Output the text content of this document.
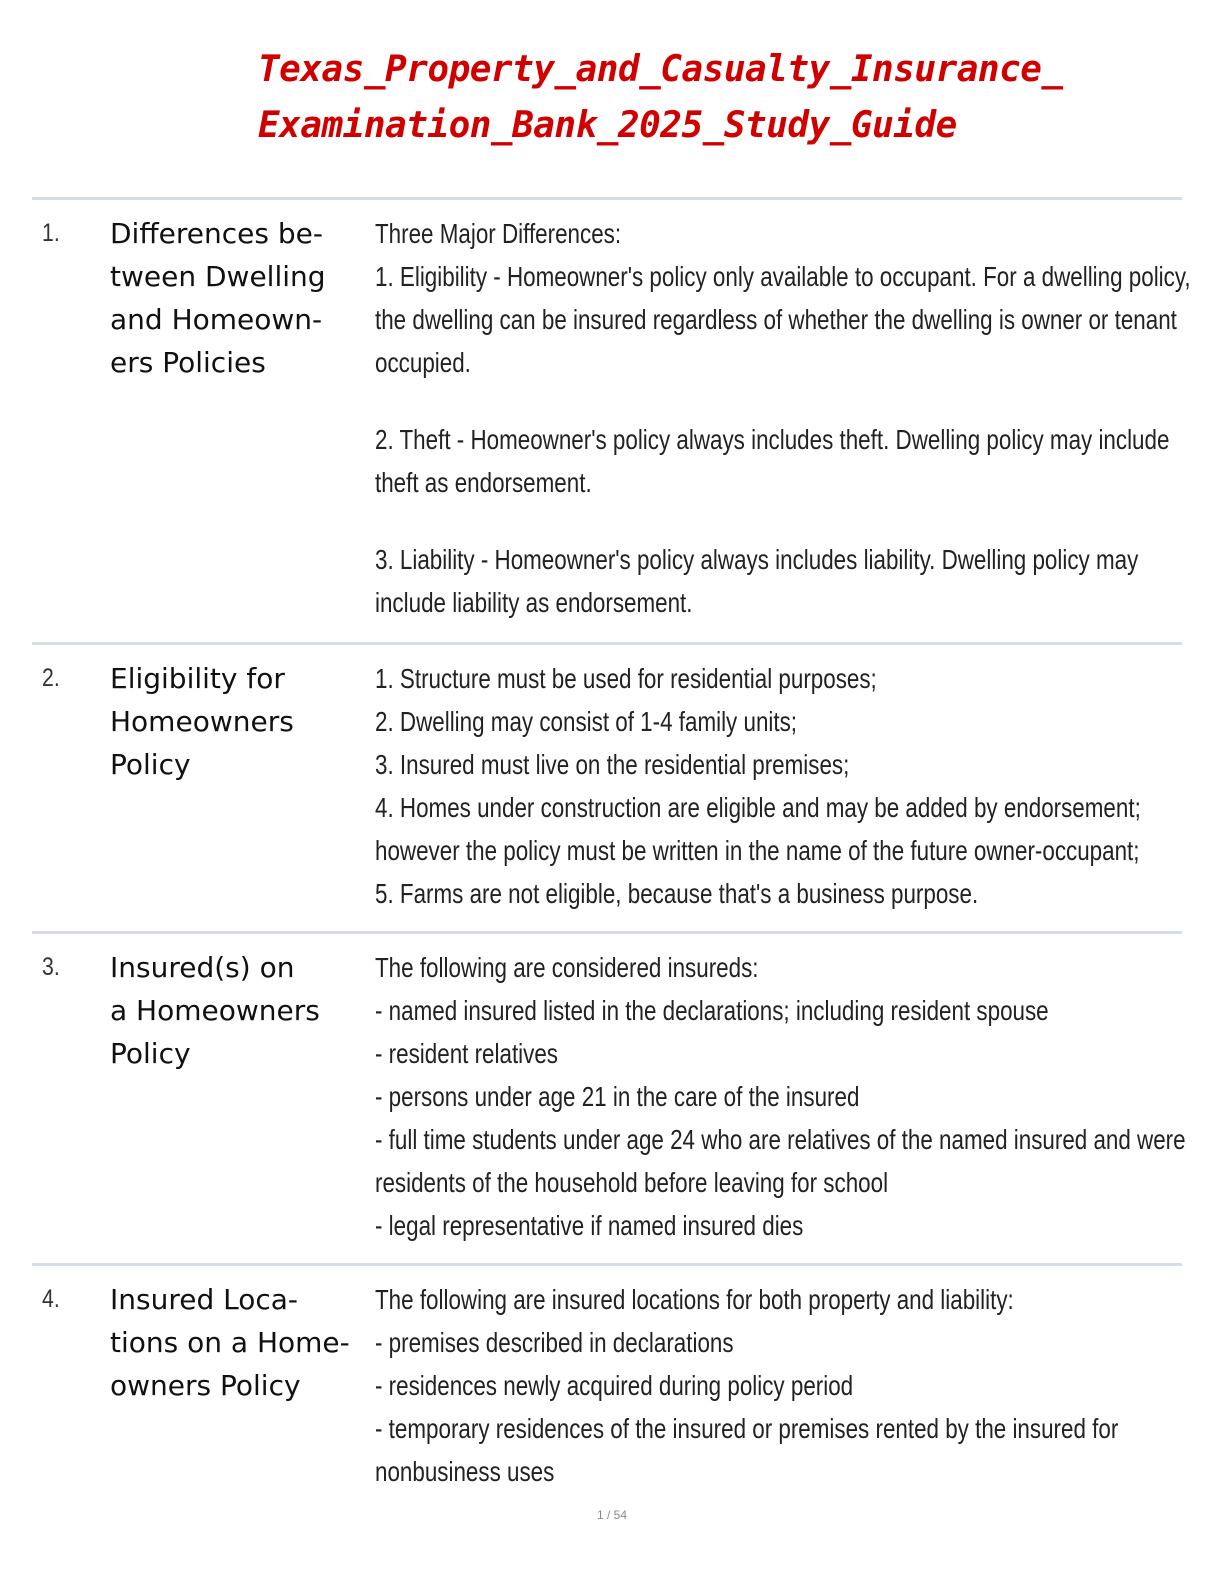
Texas_Property_and_Casualty_Insurance_
Examination_Bank_2025_Study_Guide
1. Differences be-
tween Dwelling
and Homeown-
ers Policies
Three Major Differences:
1. Eligibility - Homeowner's policy only available to occupant. For a dwelling policy,
the dwelling can be insured regardless of whether the dwelling is owner or tenant
occupied.
2. Theft - Homeowner's policy always includes theft. Dwelling policy may include
theft as endorsement.
3. Liability - Homeowner's policy always includes liability. Dwelling policy may
include liability as endorsement.
2. Eligibility for
Homeowners
Policy
1. Structure must be used for residential purposes;
2. Dwelling may consist of 1-4 family units;
3. Insured must live on the residential premises;
4. Homes under construction are eligible and may be added by endorsement;
however the policy must be written in the name of the future owner-occupant;
5. Farms are not eligible, because that's a business purpose.
3. Insured(s) on
a Homeowners
Policy
The following are considered insureds:
- named insured listed in the declarations; including resident spouse
- resident relatives
- persons under age 21 in the care of the insured
- full time students under age 24 who are relatives of the named insured and were
residents of the household before leaving for school
- legal representative if named insured dies
4. Insured Loca-
tions on a Home-
owners Policy
The following are insured locations for both property and liability:
- premises described in declarations
- residences newly acquired during policy period
- temporary residences of the insured or premises rented by the insured for
nonbusiness uses
1 / 54
